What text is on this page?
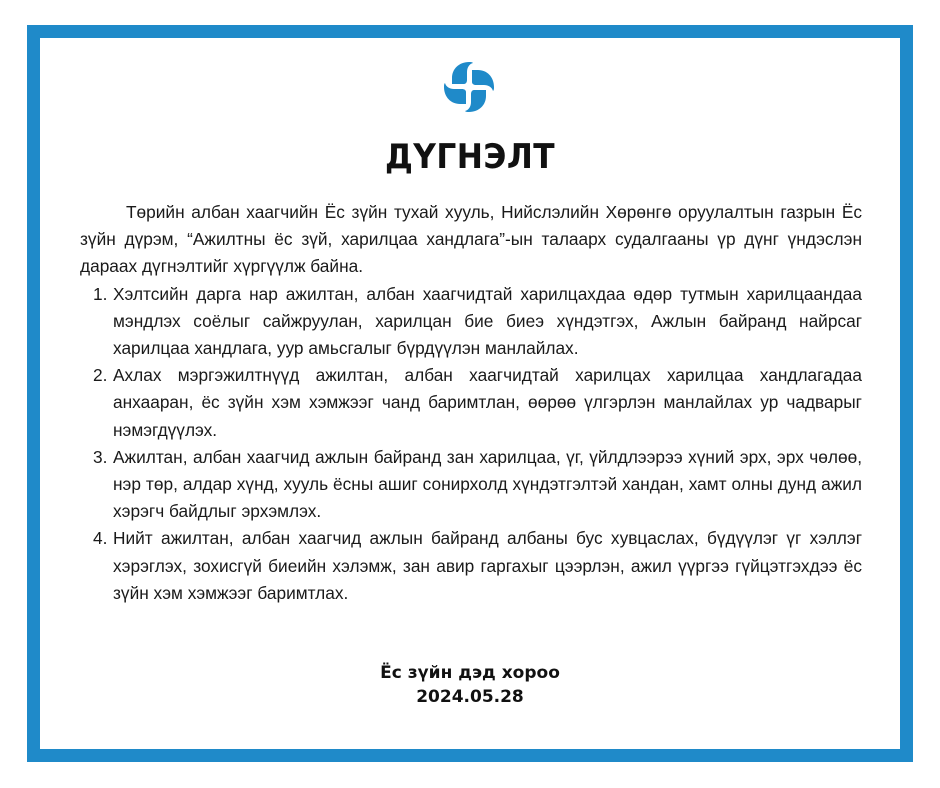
ДҮГНЭЛТ

Төрийн албан хаагчийн Ёс зүйн тухай хууль, Нийслэлийн Хөрөнгө оруулалтын газрын Ёс зүйн дүрэм, “Ажилтны ёс зүй, харилцаа хандлага”-ын талаарх судалгааны үр дүнг үндэслэн дараах дүгнэлтийг хүргүүлж байна.

1. Хэлтсийн дарга нар ажилтан, албан хаагчидтай харилцахдаа өдөр тутмын харилцаандаа мэндлэх соёлыг сайжруулан, харилцан бие биеэ хүндэтгэх, Ажлын байранд найрсаг харилцаа хандлага, уур амьсгалыг бүрдүүлэн манлайлах.
2. Ахлах мэргэжилтнүүд ажилтан, албан хаагчидтай харилцах харилцаа хандлагадаа анхааран, ёс зүйн хэм хэмжээг чанд баримтлан, өөрөө үлгэрлэн манлайлах ур чадварыг нэмэгдүүлэх.
3. Ажилтан, албан хаагчид ажлын байранд зан харилцаа, үг, үйлдлээрээ хүний эрх, эрх чөлөө, нэр төр, алдар хүнд, хууль ёсны ашиг сонирхолд хүндэтгэлтэй хандан, хамт олны дунд ажил хэрэгч байдлыг эрхэмлэх.
4. Нийт ажилтан, албан хаагчид ажлын байранд албаны бус хувцаслах, бүдүүлэг үг хэллэг хэрэглэх, зохисгүй биеийн хэлэмж, зан авир гаргахыг цээрлэн, ажил үүргээ гүйцэтгэхдээ ёс зүйн хэм хэмжээг баримтлах.
Ёс зүйн дэд хороо
2024.05.28
